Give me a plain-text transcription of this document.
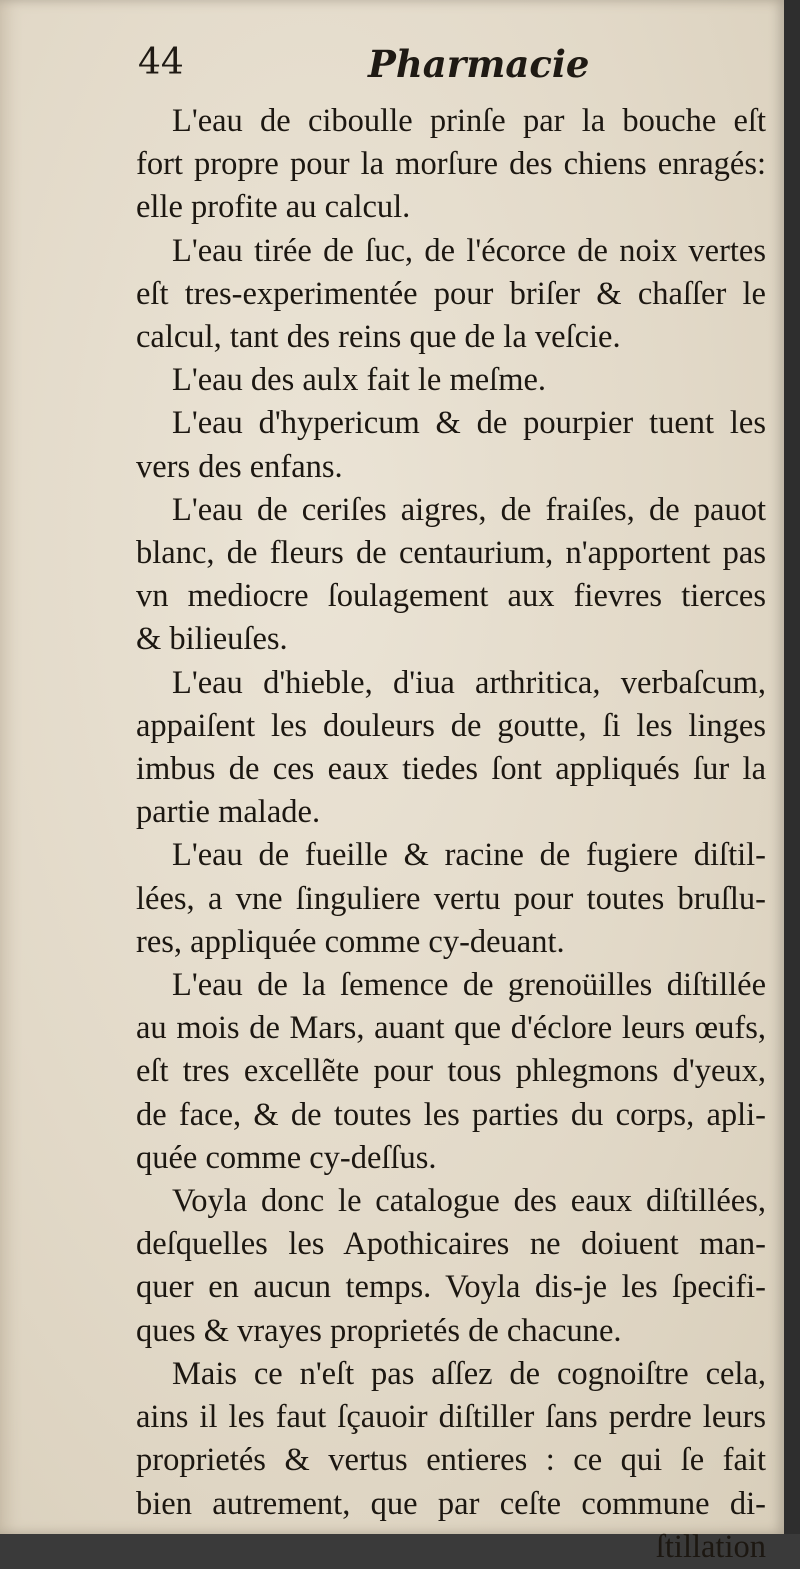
44	Pharmacie
L'eau de ciboulle prinſe par la bouche eſt
fort propre pour la morſure des chiens enragés:
elle profite au calcul.
L'eau tirée de ſuc, de l'écorce de noix vertes
eſt tres-experimentée pour briſer & chaſſer le
calcul, tant des reins que de la veſcie.
L'eau des aulx fait le meſme.
L'eau d'hypericum & de pourpier tuent les
vers des enfans.
L'eau de ceriſes aigres, de fraiſes, de pauot
blanc, de fleurs de centaurium, n'apportent pas
vn mediocre ſoulagement aux fievres tierces
& bilieuſes.
L'eau d'hieble, d'iua arthritica, verbaſcum,
appaiſent les douleurs de goutte, ſi les linges
imbus de ces eaux tiedes ſont appliqués ſur la
partie malade.
L'eau de fueille & racine de fugiere diſtil-
lées, a vne ſinguliere vertu pour toutes bruſlu-
res, appliquée comme cy-deuant.
L'eau de la ſemence de grenoüilles diſtillée
au mois de Mars, auant que d'éclore leurs œufs,
eſt tres excellẽte pour tous phlegmons d'yeux,
de face, & de toutes les parties du corps, apli-
quée comme cy-deſſus.
Voyla donc le catalogue des eaux diſtillées,
deſquelles les Apothicaires ne doiuent man-
quer en aucun temps. Voyla dis-je les ſpecifi-
ques & vrayes proprietés de chacune.
Mais ce n'eſt pas aſſez de cognoiſtre cela,
ains il les faut ſçauoir diſtiller ſans perdre leurs
proprietés & vertus entieres : ce qui ſe fait
bien autrement, que par ceſte commune di-
ſtillation
